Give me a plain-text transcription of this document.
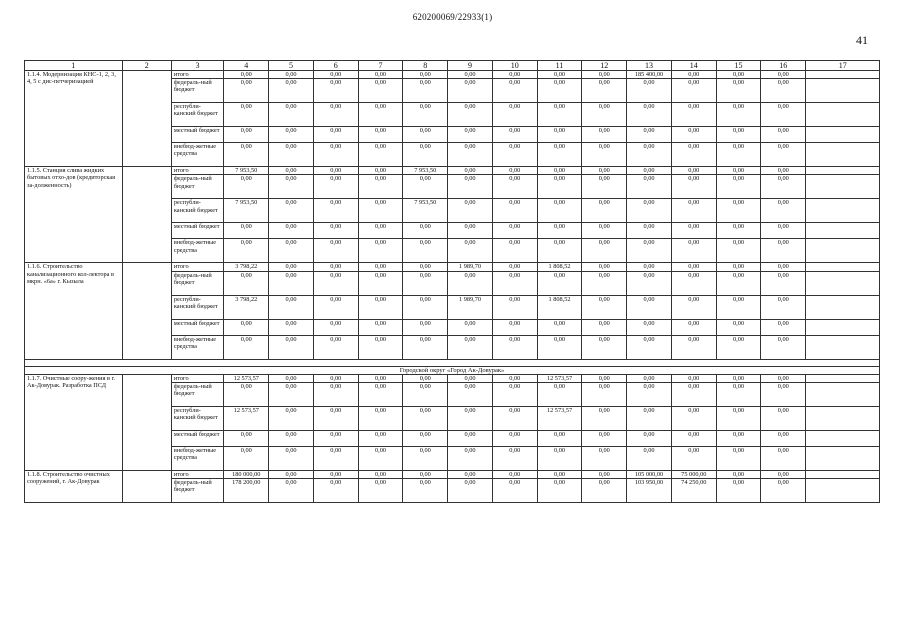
620200069/22933(1)
41
1	2	3	4	5	6	7	8	9	10	11	12	13	14	15	16	17
1.1.4. Модернизация КНС-1, 2, 3, 4, 5 с дис-петчеризацией		итого	0,00	0,00	0,00	0,00	0,00	0,00	0,00	0,00	0,00	185 400,00	0,00	0,00	0,00	
		федераль-ный бюджет	0,00	0,00	0,00	0,00	0,00	0,00	0,00	0,00	0,00	0,00	0,00	0,00	0,00	
		республи-канский бюджет	0,00	0,00	0,00	0,00	0,00	0,00	0,00	0,00	0,00	0,00	0,00	0,00	0,00	
		местный бюджет	0,00	0,00	0,00	0,00	0,00	0,00	0,00	0,00	0,00	0,00	0,00	0,00	0,00	
		внебюд-жетные средства	0,00	0,00	0,00	0,00	0,00	0,00	0,00	0,00	0,00	0,00	0,00	0,00	0,00	
1.1.5. Станция слива жидких бытовых отхо-дов (кредиторская за-долженность)		итого	7 953,50	0,00	0,00	0,00	7 953,50	0,00	0,00	0,00	0,00	0,00	0,00	0,00	0,00	
		федераль-ный бюджет	0,00	0,00	0,00	0,00	0,00	0,00	0,00	0,00	0,00	0,00	0,00	0,00	0,00	
		республи-канский бюджет	7 953,50	0,00	0,00	0,00	7 953,50	0,00	0,00	0,00	0,00	0,00	0,00	0,00	0,00	
		местный бюджет	0,00	0,00	0,00	0,00	0,00	0,00	0,00	0,00	0,00	0,00	0,00	0,00	0,00	
		внебюд-жетные средства	0,00	0,00	0,00	0,00	0,00	0,00	0,00	0,00	0,00	0,00	0,00	0,00	0,00	
1.1.6. Строительство канализационного кол-лектора в мкрн. «6а» г. Кызыла		итого	3 798,22	0,00	0,00	0,00	0,00	1 989,70	0,00	1 808,52	0,00	0,00	0,00	0,00	0,00	
		федераль-ный бюджет	0,00	0,00	0,00	0,00	0,00	0,00	0,00	0,00	0,00	0,00	0,00	0,00	0,00	
		республи-канский бюджет	3 798,22	0,00	0,00	0,00	0,00	1 989,70	0,00	1 808,52	0,00	0,00	0,00	0,00	0,00	
		местный бюджет	0,00	0,00	0,00	0,00	0,00	0,00	0,00	0,00	0,00	0,00	0,00	0,00	0,00	
		внебюд-жетные средства	0,00	0,00	0,00	0,00	0,00	0,00	0,00	0,00	0,00	0,00	0,00	0,00	0,00	

Городской округ «Город Ак-Довурак»																
1.1.7. Очистные соору-жения в г. Ак-Довурак. Разработка ПСД		итого	12 573,57	0,00	0,00	0,00	0,00	0,00	0,00	12 573,57	0,00	0,00	0,00	0,00	0,00	
		федераль-ный бюджет	0,00	0,00	0,00	0,00	0,00	0,00	0,00	0,00	0,00	0,00	0,00	0,00	0,00	
		республи-канский бюджет	12 573,57	0,00	0,00	0,00	0,00	0,00	0,00	12 573,57	0,00	0,00	0,00	0,00	0,00	
		местный бюджет	0,00	0,00	0,00	0,00	0,00	0,00	0,00	0,00	0,00	0,00	0,00	0,00	0,00	
		внебюд-жетные средства	0,00	0,00	0,00	0,00	0,00	0,00	0,00	0,00	0,00	0,00	0,00	0,00	0,00	
1.1.8. Строительство очистных сооружений, г. Ак-Довурак		итого	180 000,00	0,00	0,00	0,00	0,00	0,00	0,00	0,00	0,00	105 000,00	75 000,00	0,00	0,00	
		федераль-ный бюджет	178 200,00	0,00	0,00	0,00	0,00	0,00	0,00	0,00	0,00	103 950,00	74 250,00	0,00	0,00	
